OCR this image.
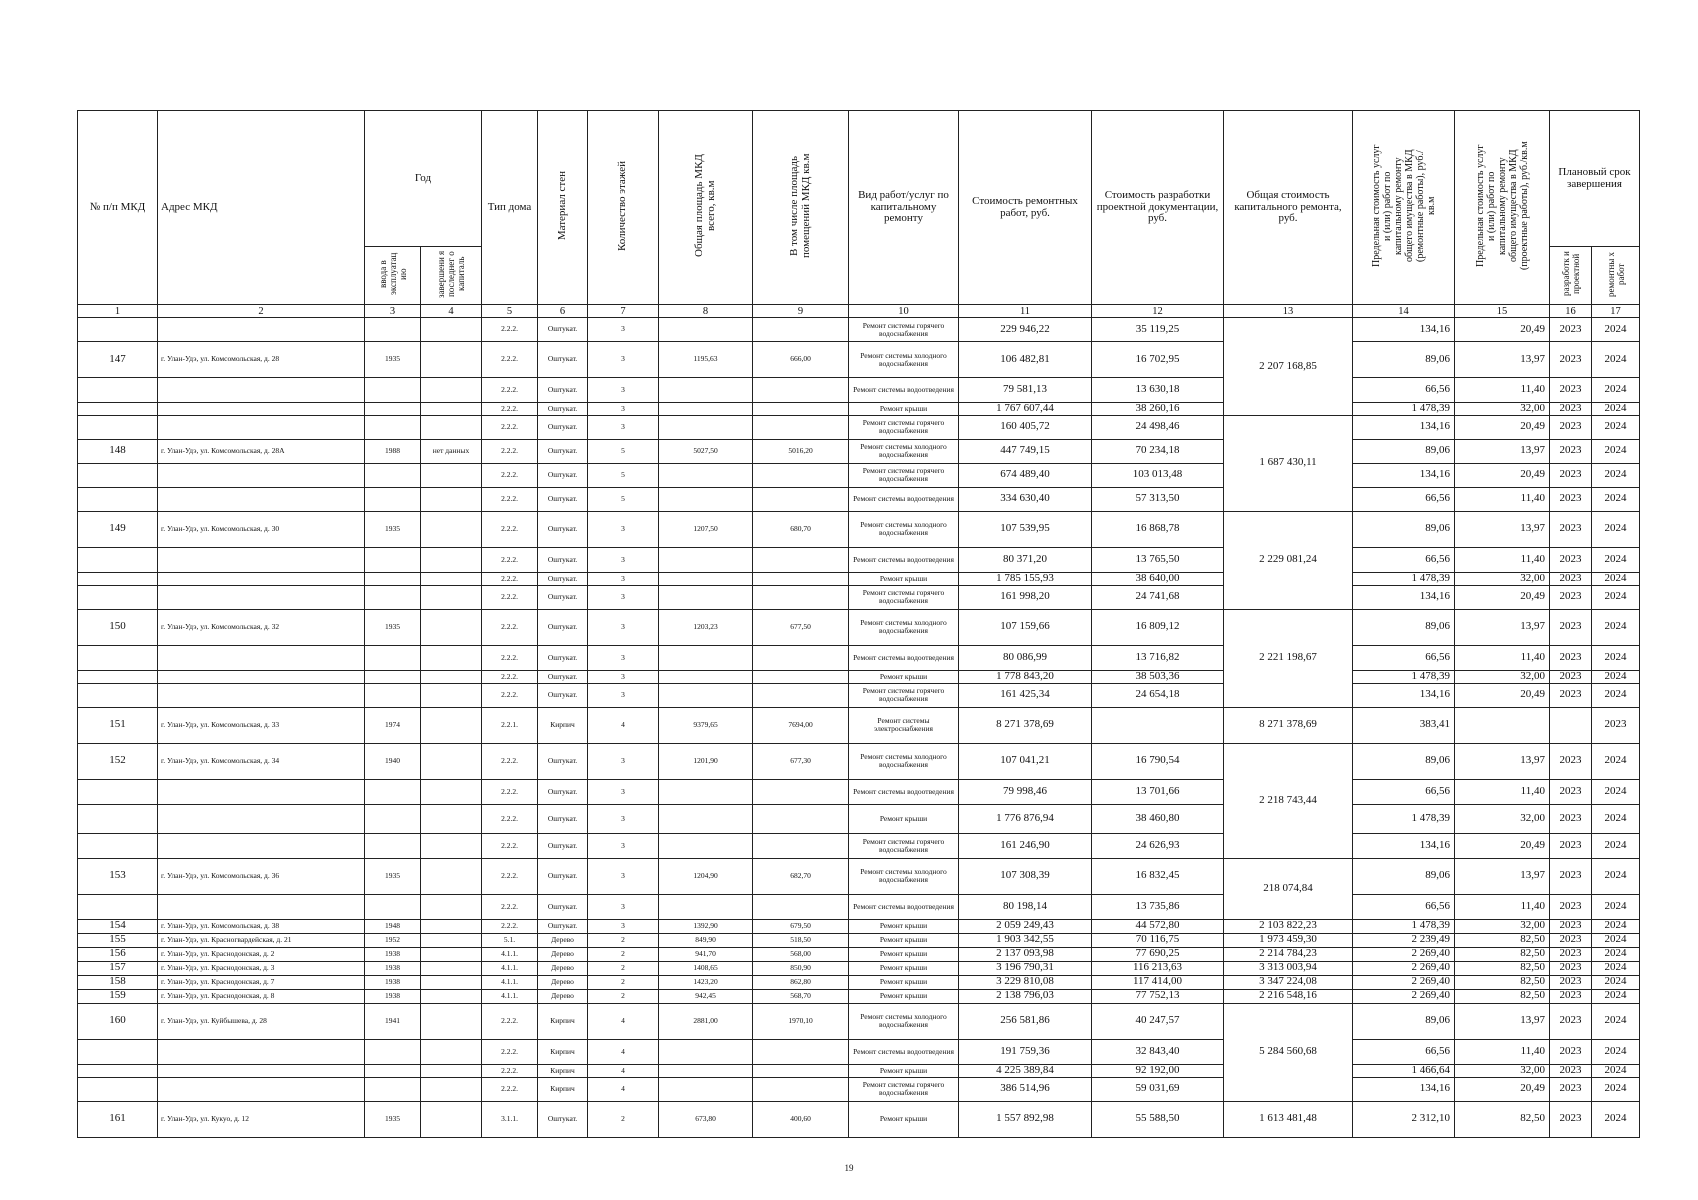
№ п/п МКД	Адрес МКД	Год		Тип дома	Материал стен	Количество этажей	Общая площадь МКД всего, кв.м	В том числе площадь помещений МКД кв.м	Вид работ/услуг по капитальному ремонту	Стоимость ремонтных работ, руб.	Стоимость разработки проектной документации, руб.	Общая стоимость капитального ремонта, руб.	Предельная стоимость услуг и (или) работ по капитальному ремонту общего имущества в МКД (ремонтные работы), руб./кв.м	Предельная стоимость услуг и (или) работ по капитальному ремонту общего имущества в МКД (проектные работы), руб./кв.м	Плановый срок завершения	
		ввода в эксплуатац ию	завершени я последнег о капиталь												разработк и проектной	ремонтны х работ
1	2	3	4	5	6	7	8	9	10	11	12	13	14	15	16	17
				2.2.2.	Оштукат.	3			Ремонт системы горячего водоснабжения	229 946,22	35 119,25	2 207 168,85	134,16	20,49	2023	2024
147	г. Улан-Удэ, ул. Комсомольская, д. 28	1935		2.2.2.	Оштукат.	3	1195,63	666,00	Ремонт системы холодного водоснабжения	106 482,81	16 702,95		89,06	13,97	2023	2024
				2.2.2.	Оштукат.	3			Ремонт системы водоотведения	79 581,13	13 630,18		66,56	11,40	2023	2024
				2.2.2.	Оштукат.	3			Ремонт крыши	1 767 607,44	38 260,16		1 478,39	32,00	2023	2024
				2.2.2.	Оштукат.	3			Ремонт системы горячего водоснабжения	160 405,72	24 498,46	1 687 430,11	134,16	20,49	2023	2024
148	г. Улан-Удэ, ул. Комсомольская, д. 28А	1988	нет данных	2.2.2.	Оштукат.	5	5027,50	5016,20	Ремонт системы холодного водоснабжения	447 749,15	70 234,18		89,06	13,97	2023	2024
				2.2.2.	Оштукат.	5			Ремонт системы горячего водоснабжения	674 489,40	103 013,48		134,16	20,49	2023	2024
				2.2.2.	Оштукат.	5			Ремонт системы водоотведения	334 630,40	57 313,50		66,56	11,40	2023	2024
149	г. Улан-Удэ, ул. Комсомольская, д. 30	1935		2.2.2.	Оштукат.	3	1207,50	680,70	Ремонт системы холодного водоснабжения	107 539,95	16 868,78	2 229 081,24	89,06	13,97	2023	2024
				2.2.2.	Оштукат.	3			Ремонт системы водоотведения	80 371,20	13 765,50		66,56	11,40	2023	2024
				2.2.2.	Оштукат.	3			Ремонт крыши	1 785 155,93	38 640,00		1 478,39	32,00	2023	2024
				2.2.2.	Оштукат.	3			Ремонт системы горячего водоснабжения	161 998,20	24 741,68		134,16	20,49	2023	2024
150	г. Улан-Удэ, ул. Комсомольская, д. 32	1935		2.2.2.	Оштукат.	3	1203,23	677,50	Ремонт системы холодного водоснабжения	107 159,66	16 809,12	2 221 198,67	89,06	13,97	2023	2024
				2.2.2.	Оштукат.	3			Ремонт системы водоотведения	80 086,99	13 716,82		66,56	11,40	2023	2024
				2.2.2.	Оштукат.	3			Ремонт крыши	1 778 843,20	38 503,36		1 478,39	32,00	2023	2024
				2.2.2.	Оштукат.	3			Ремонт системы горячего водоснабжения	161 425,34	24 654,18		134,16	20,49	2023	2024
151	г. Улан-Удэ, ул. Комсомольская, д. 33	1974		2.2.1.	Кирпич	4	9379,65	7694,00	Ремонт системы электроснабжения	8 271 378,69		8 271 378,69	383,41			2023
152	г. Улан-Удэ, ул. Комсомольская, д. 34	1940		2.2.2.	Оштукат.	3	1201,90	677,30	Ремонт системы холодного водоснабжения	107 041,21	16 790,54	2 218 743,44	89,06	13,97	2023	2024
				2.2.2.	Оштукат.	3			Ремонт системы водоотведения	79 998,46	13 701,66		66,56	11,40	2023	2024
				2.2.2.	Оштукат.	3			Ремонт крыши	1 776 876,94	38 460,80		1 478,39	32,00	2023	2024
				2.2.2.	Оштукат.	3			Ремонт системы горячего водоснабжения	161 246,90	24 626,93		134,16	20,49	2023	2024
153	г. Улан-Удэ, ул. Комсомольская, д. 36	1935		2.2.2.	Оштукат.	3	1204,90	682,70	Ремонт системы холодного водоснабжения	107 308,39	16 832,45	218 074,84	89,06	13,97	2023	2024
				2.2.2.	Оштукат.	3			Ремонт системы водоотведения	80 198,14	13 735,86		66,56	11,40	2023	2024
154	г. Улан-Удэ, ул. Комсомольская, д. 38	1948		2.2.2.	Оштукат.	3	1392,90	679,50	Ремонт крыши	2 059 249,43	44 572,80	2 103 822,23	1 478,39	32,00	2023	2024
155	г. Улан-Удэ, ул. Красногвардейская, д. 21	1952		5.1.	Дерево	2	849,90	518,50	Ремонт крыши	1 903 342,55	70 116,75	1 973 459,30	2 239,49	82,50	2023	2024
156	г. Улан-Удэ, ул. Краснодонская, д. 2	1938		4.1.1.	Дерево	2	941,70	568,00	Ремонт крыши	2 137 093,98	77 690,25	2 214 784,23	2 269,40	82,50	2023	2024
157	г. Улан-Удэ, ул. Краснодонская, д. 3	1938		4.1.1.	Дерево	2	1408,65	850,90	Ремонт крыши	3 196 790,31	116 213,63	3 313 003,94	2 269,40	82,50	2023	2024
158	г. Улан-Удэ, ул. Краснодонская, д. 7	1938		4.1.1.	Дерево	2	1423,20	862,80	Ремонт крыши	3 229 810,08	117 414,00	3 347 224,08	2 269,40	82,50	2023	2024
159	г. Улан-Удэ, ул. Краснодонская, д. 8	1938		4.1.1.	Дерево	2	942,45	568,70	Ремонт крыши	2 138 796,03	77 752,13	2 216 548,16	2 269,40	82,50	2023	2024
160	г. Улан-Удэ, ул. Куйбышева, д. 28	1941		2.2.2.	Кирпич	4	2881,00	1970,10	Ремонт системы холодного водоснабжения	256 581,86	40 247,57	5 284 560,68	89,06	13,97	2023	2024
				2.2.2.	Кирпич	4			Ремонт системы водоотведения	191 759,36	32 843,40		66,56	11,40	2023	2024
				2.2.2.	Кирпич	4			Ремонт крыши	4 225 389,84	92 192,00		1 466,64	32,00	2023	2024
				2.2.2.	Кирпич	4			Ремонт системы горячего водоснабжения	386 514,96	59 031,69		134,16	20,49	2023	2024
161	г. Улан-Удэ, ул. Кукуо, д. 12	1935		3.1.1.	Оштукат.	2	673,80	400,60	Ремонт крыши	1 557 892,98	55 588,50	1 613 481,48	2 312,10	82,50	2023	2024
19
